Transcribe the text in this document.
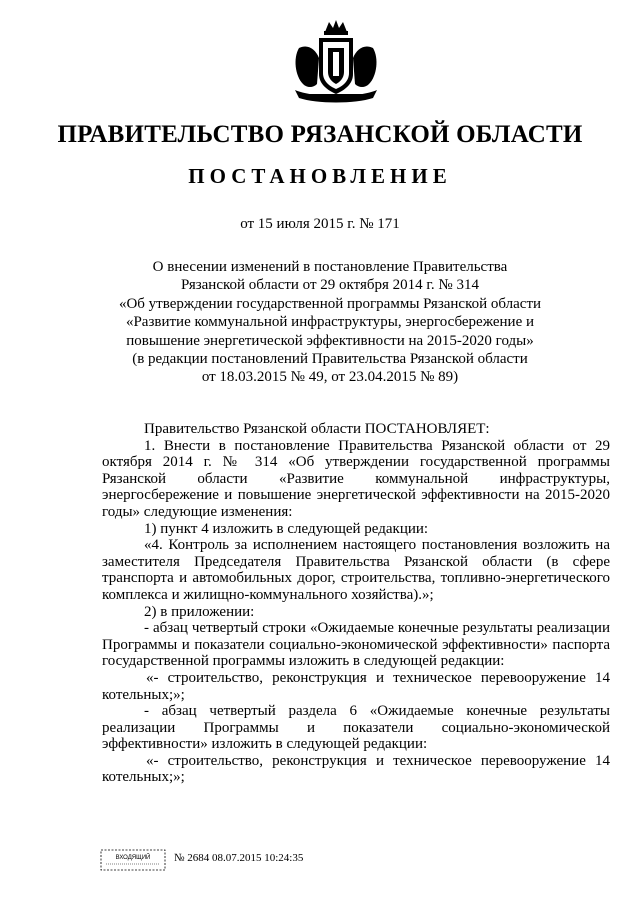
ПРАВИТЕЛЬСТВО РЯЗАНСКОЙ ОБЛАСТИ
ПОСТАНОВЛЕНИЕ
от 15 июля 2015 г. № 171
О внесении изменений в постановление Правительства
Рязанской области от 29 октября 2014 г. № 314
«Об утверждении государственной программы Рязанской области
«Развитие коммунальной инфраструктуры, энергосбережение и
повышение энергетической эффективности на 2015-2020 годы»
(в редакции постановлений Правительства Рязанской области
от 18.03.2015 № 49, от 23.04.2015 № 89)

Правительство Рязанской области ПОСТАНОВЛЯЕТ:

1. Внести в постановление Правительства Рязанской области от 29 октября 2014 г. № 314 «Об утверждении государственной программы Рязанской области «Развитие коммунальной инфраструктуры, энергосбережение и повышение энергетической эффективности на 2015-2020 годы» следующие изменения:

1) пункт 4 изложить в следующей редакции:

«4. Контроль за исполнением настоящего постановления возложить на заместителя Председателя Правительства Рязанской области (в сфере транспорта и автомобильных дорог, строительства, топливно-энергетического комплекса и жилищно-коммунального хозяйства).»;

2) в приложении:

- абзац четвертый строки «Ожидаемые конечные результаты реализации Программы и показатели социально-экономической эффективности» паспорта государственной программы изложить в следующей редакции:

«- строительство, реконструкция и техническое перевооружение 14 котельных;»;

- абзац четвертый раздела 6 «Ожидаемые конечные результаты реализации Программы и показатели социально-экономической эффективности» изложить в следующей редакции:

«- строительство, реконструкция и техническое перевооружение 14 котельных;»;

ВХОДЯЩИЙ № 2684 08.07.2015 10:24:35
